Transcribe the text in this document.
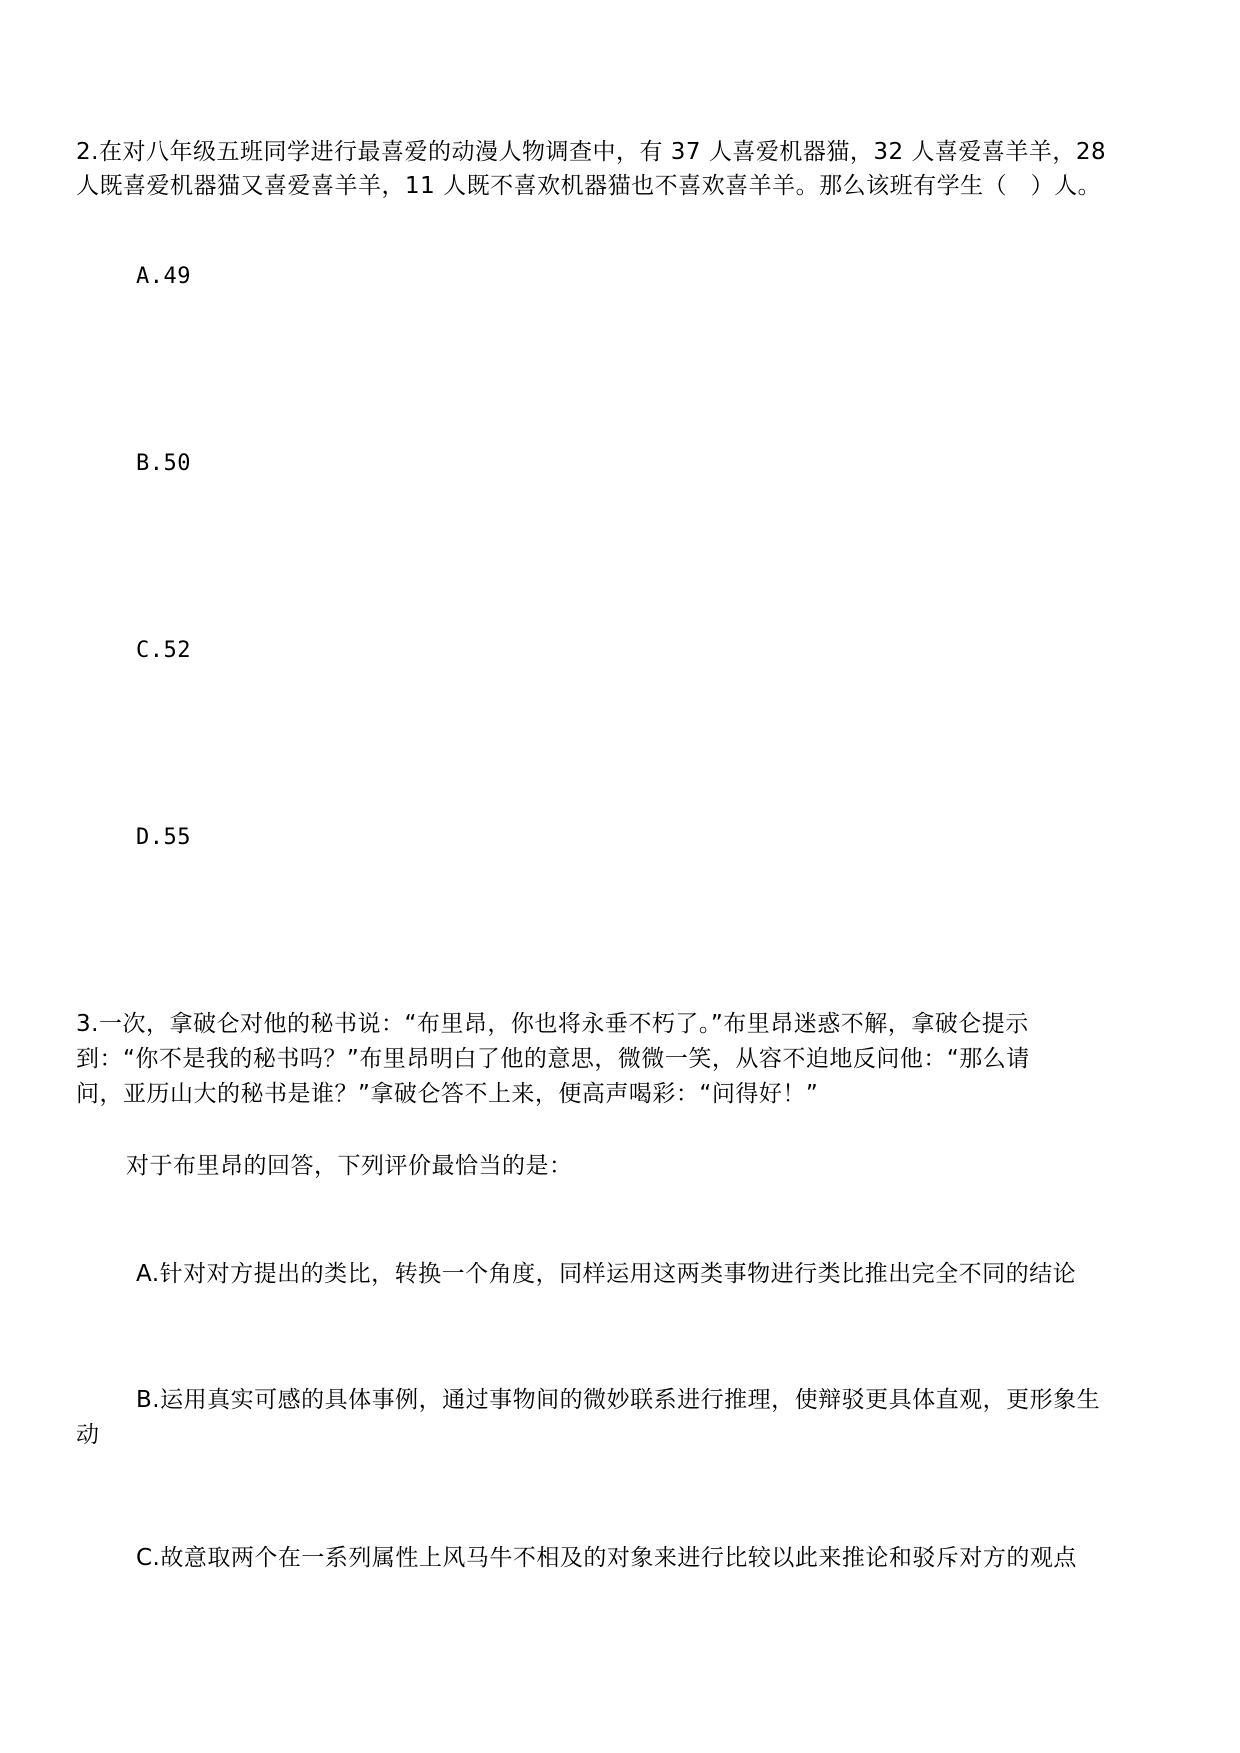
2.在对八年级五班同学进行最喜爱的动漫人物调查中，有 37 人喜爱机器猫，32 人喜爱喜羊羊，28
人既喜爱机器猫又喜爱喜羊羊，11 人既不喜欢机器猫也不喜欢喜羊羊。那么该班有学生（　）人。
A.49
B.50
C.52
D.55
3.一次，拿破仑对他的秘书说：“布里昂，你也将永垂不朽了。”布里昂迷惑不解，拿破仑提示
到：“你不是我的秘书吗？”布里昂明白了他的意思，微微一笑，从容不迫地反问他：“那么请
问，亚历山大的秘书是谁？”拿破仑答不上来，便高声喝彩：“问得好！”
对于布里昂的回答，下列评价最恰当的是：
A.针对对方提出的类比，转换一个角度，同样运用这两类事物进行类比推出完全不同的结论
B.运用真实可感的具体事例，通过事物间的微妙联系进行推理，使辩驳更具体直观，更形象生
动
C.故意取两个在一系列属性上风马牛不相及的对象来进行比较以此来推论和驳斥对方的观点
